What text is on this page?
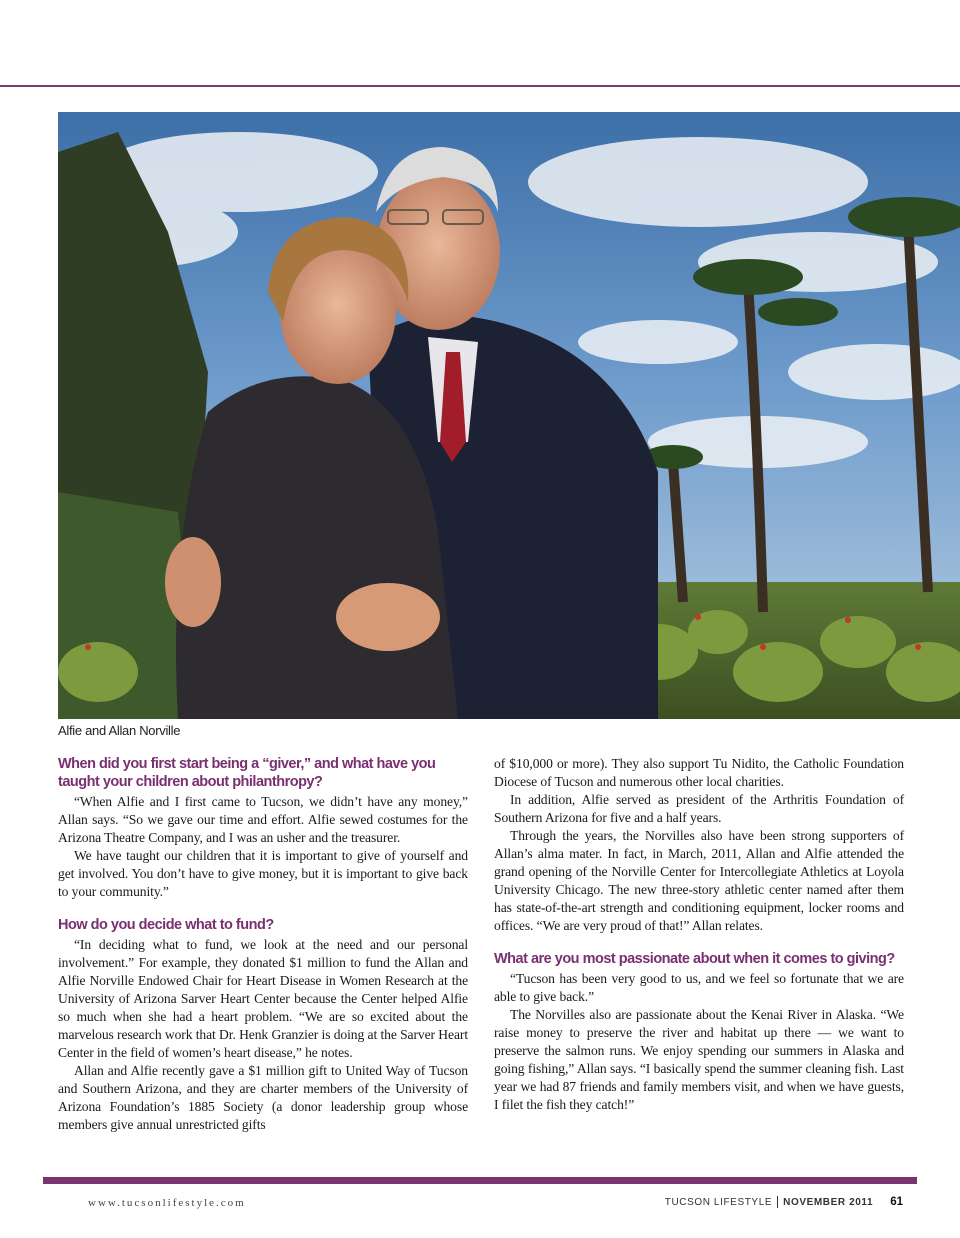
Alfie and Allan Norville
When did you first start being a “giver,” and what have you taught your children about philanthropy?

“When Alfie and I first came to Tucson, we didn’t have any money,” Allan says. “So we gave our time and effort. Alfie sewed costumes for the Arizona Theatre Company, and I was an usher and the treasurer.

We have taught our children that it is important to give of yourself and get involved. You don’t have to give money, but it is important to give back to your community.”

How do you decide what to fund?

“In deciding what to fund, we look at the need and our personal involvement.” For example, they donated $1 million to fund the Allan and Alfie Norville Endowed Chair for Heart Disease in Women Research at the University of Arizona Sarver Heart Center because the Center helped Alfie so much when she had a heart problem. “We are so excited about the marvelous research work that Dr. Henk Granzier is doing at the Sarver Heart Center in the field of women’s heart disease,” he notes.

Allan and Alfie recently gave a $1 million gift to United Way of Tucson and Southern Arizona, and they are charter members of the University of Arizona Foundation’s 1885 Society (a donor leadership group whose members give annual unrestricted gifts

of $10,000 or more). They also support Tu Nidito, the Catholic Foundation Diocese of Tucson and numerous other local charities.

In addition, Alfie served as president of the Arthritis Foundation of Southern Arizona for five and a half years.

Through the years, the Norvilles also have been strong supporters of Allan’s alma mater. In fact, in March, 2011, Allan and Alfie attended the grand opening of the Norville Center for Intercollegiate Athletics at Loyola University Chicago. The new three-story athletic center named after them has state-of-the-art strength and conditioning equipment, locker rooms and offices. “We are very proud of that!” Allan relates.

What are you most passionate about when it comes to giving?

“Tucson has been very good to us, and we feel so fortunate that we are able to give back.”

The Norvilles also are passionate about the Kenai River in Alaska. “We raise money to preserve the river and habitat up there — we want to preserve the salmon runs. We enjoy spending our summers in Alaska and going fishing,” Allan says. “I basically spend the summer cleaning fish. Last year we had 87 friends and family members visit, and when we have guests, I filet the fish they catch!”

www.tucsonlifestyle.com	TUCSON LIFESTYLE NOVEMBER 2011 61
